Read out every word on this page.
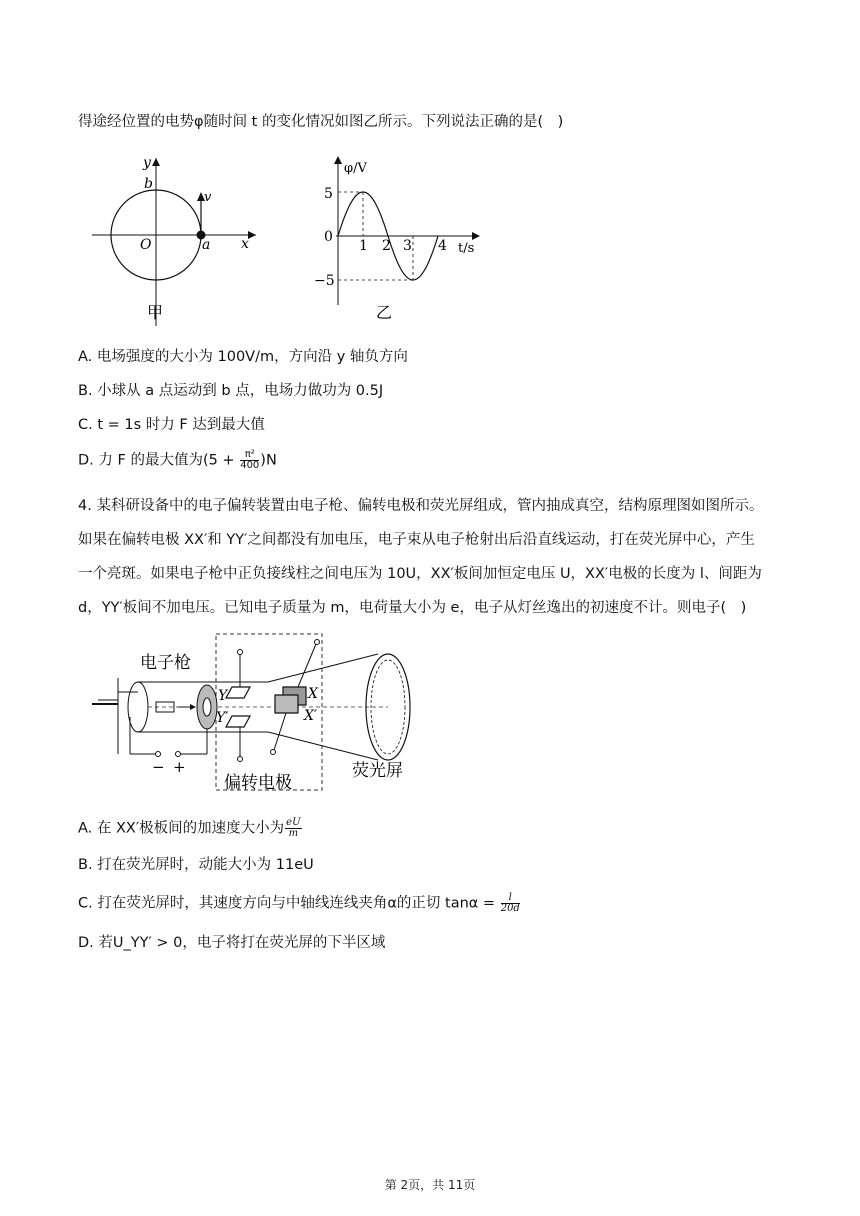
得途经位置的电势φ随时间 t 的变化情况如图乙所示。下列说法正确的是(　)
y
b
v
O	a x
甲
φ/V
t/s
5
0
−5
1 2 3 4
乙
A. 电场强度的大小为 100V/m，方向沿 y 轴负方向
B. 小球从 a 点运动到 b 点，电场力做功为 0.5J
C. t = 1s 时力 F 达到最大值
D. 力 F 的最大值为$(5 + \frac{\text{π²}}{400} )N$
4. 某科研设备中的电子偏转装置由电子枪、偏转电极和荧光屏组成，管内抽成真空，结构原理图如图所示。
如果在偏转电极 XX′和 YY′之间都没有加电压，电子束从电子枪射出后沿直线运动，打在荧光屏中心，产生
一个亮斑。如果电子枪中正负接线柱之间电压为 10U，XX′板间加恒定电压 U，XX′电极的长度为 l、间距为
d，YY′板间不加电压。已知电子质量为 m，电荷量大小为 e，电子从灯丝逸出的初速度不计。则电子(　)
电子枪
Y
Y′
X
X′
− +
偏转电极
荧光屏
A. 在 XX′极板间的加速度大小为 $\frac{eU}{m}$
B. 打在荧光屏时，动能大小为 11eU
C. 打在荧光屏时，其速度方向与中轴线连线夹角α的正切 $\tan\alpha = \frac{l}{20d}$
D. 若U_YY′ > 0，电子将打在荧光屏的下半区域
第 2页，共 11页
